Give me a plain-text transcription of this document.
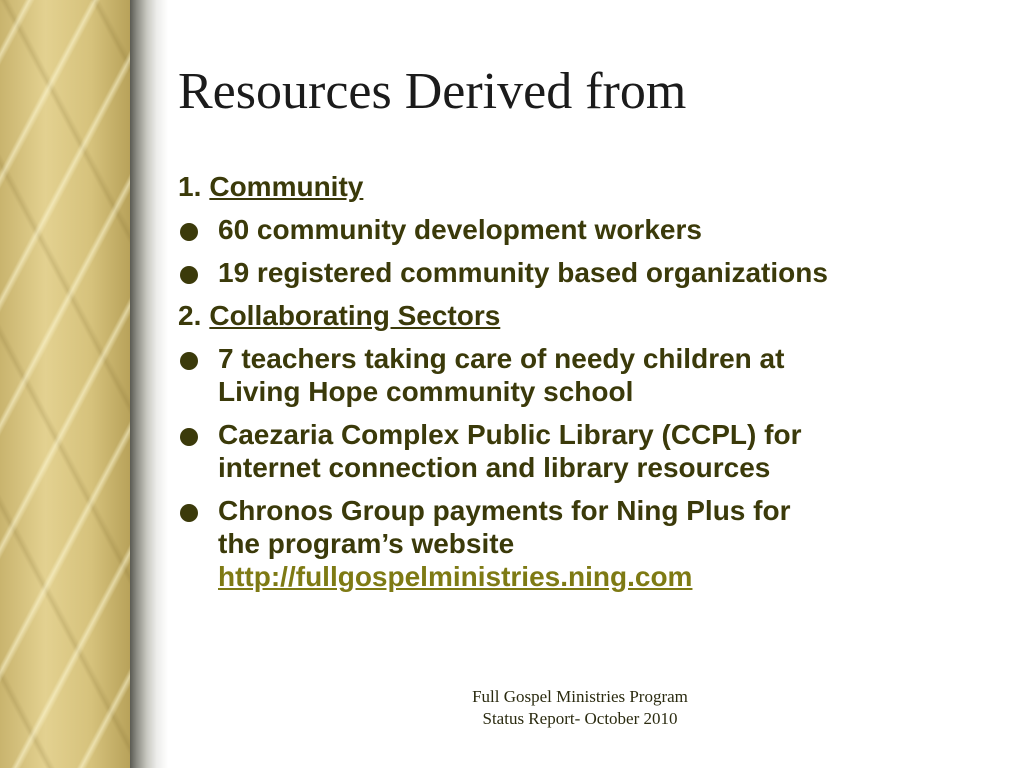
Resources Derived from
1. Community
60 community development workers
19 registered community based organizations
2. Collaborating Sectors
7 teachers taking care of needy children at
Living Hope community school
Caezaria Complex Public Library (CCPL) for
internet connection and library resources
Chronos Group payments for Ning Plus for
the program’s website
http://fullgospelministries.ning.com
Full Gospel Ministries Program
Status Report- October 2010
